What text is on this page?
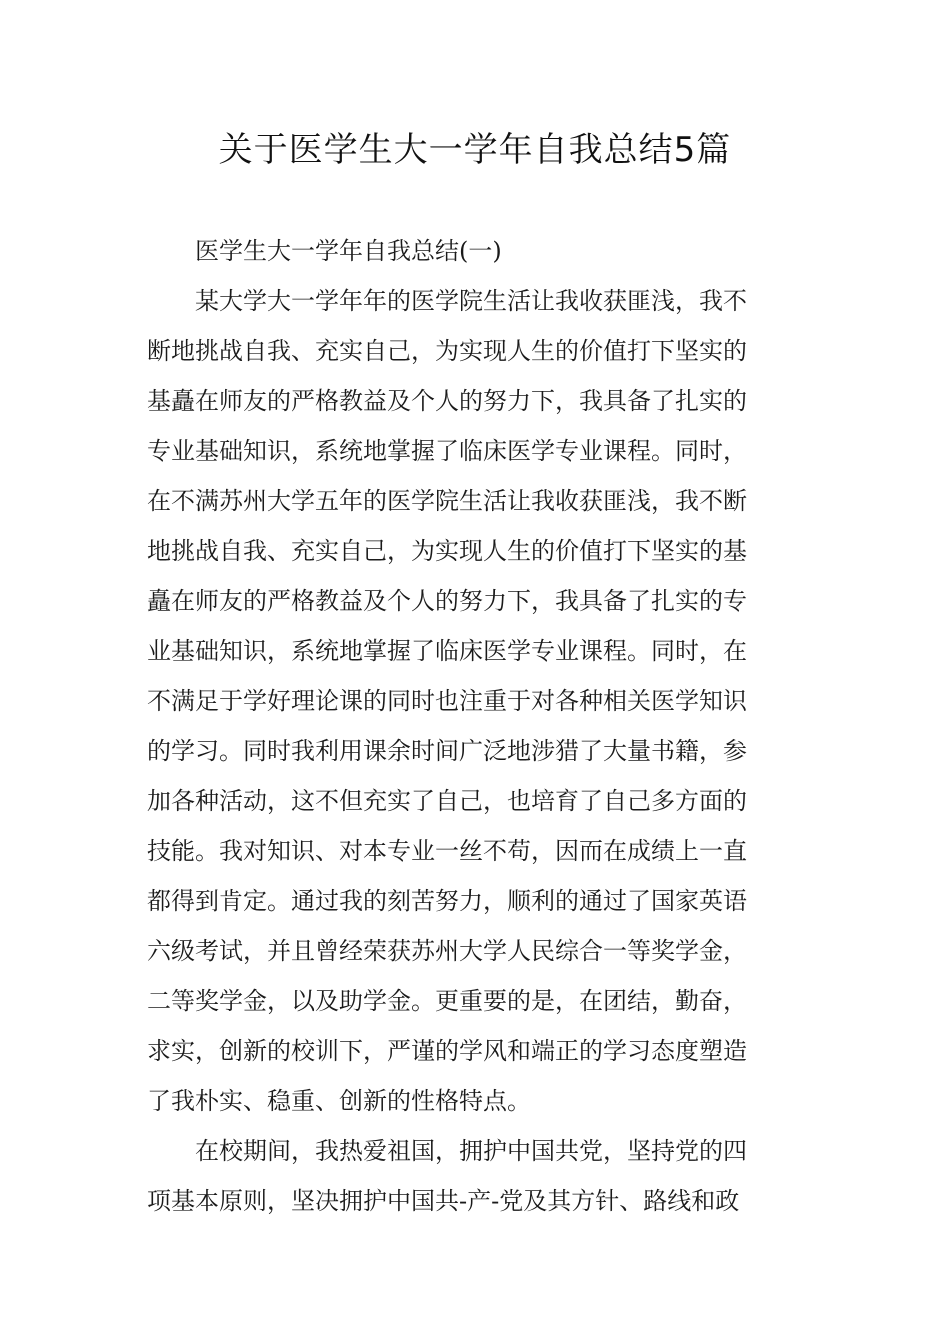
关于医学生大一学年自我总结5篇
医学生大一学年自我总结(一)
某大学大一学年年的医学院生活让我收获匪浅，我不
断地挑战自我、充实自己，为实现人生的价值打下坚实的
基矗在师友的严格教益及个人的努力下，我具备了扎实的
专业基础知识，系统地掌握了临床医学专业课程。同时，
在不满苏州大学五年的医学院生活让我收获匪浅，我不断
地挑战自我、充实自己，为实现人生的价值打下坚实的基
矗在师友的严格教益及个人的努力下，我具备了扎实的专
业基础知识，系统地掌握了临床医学专业课程。同时，在
不满足于学好理论课的同时也注重于对各种相关医学知识
的学习。同时我利用课余时间广泛地涉猎了大量书籍，参
加各种活动，这不但充实了自己，也培育了自己多方面的
技能。我对知识、对本专业一丝不苟，因而在成绩上一直
都得到肯定。通过我的刻苦努力，顺利的通过了国家英语
六级考试，并且曾经荣获苏州大学人民综合一等奖学金，
二等奖学金，以及助学金。更重要的是，在团结，勤奋，
求实，创新的校训下，严谨的学风和端正的学习态度塑造
了我朴实、稳重、创新的性格特点。
在校期间，我热爱祖国，拥护中国共党，坚持党的四
项基本原则，坚决拥护中国共-产-党及其方针、路线和政
